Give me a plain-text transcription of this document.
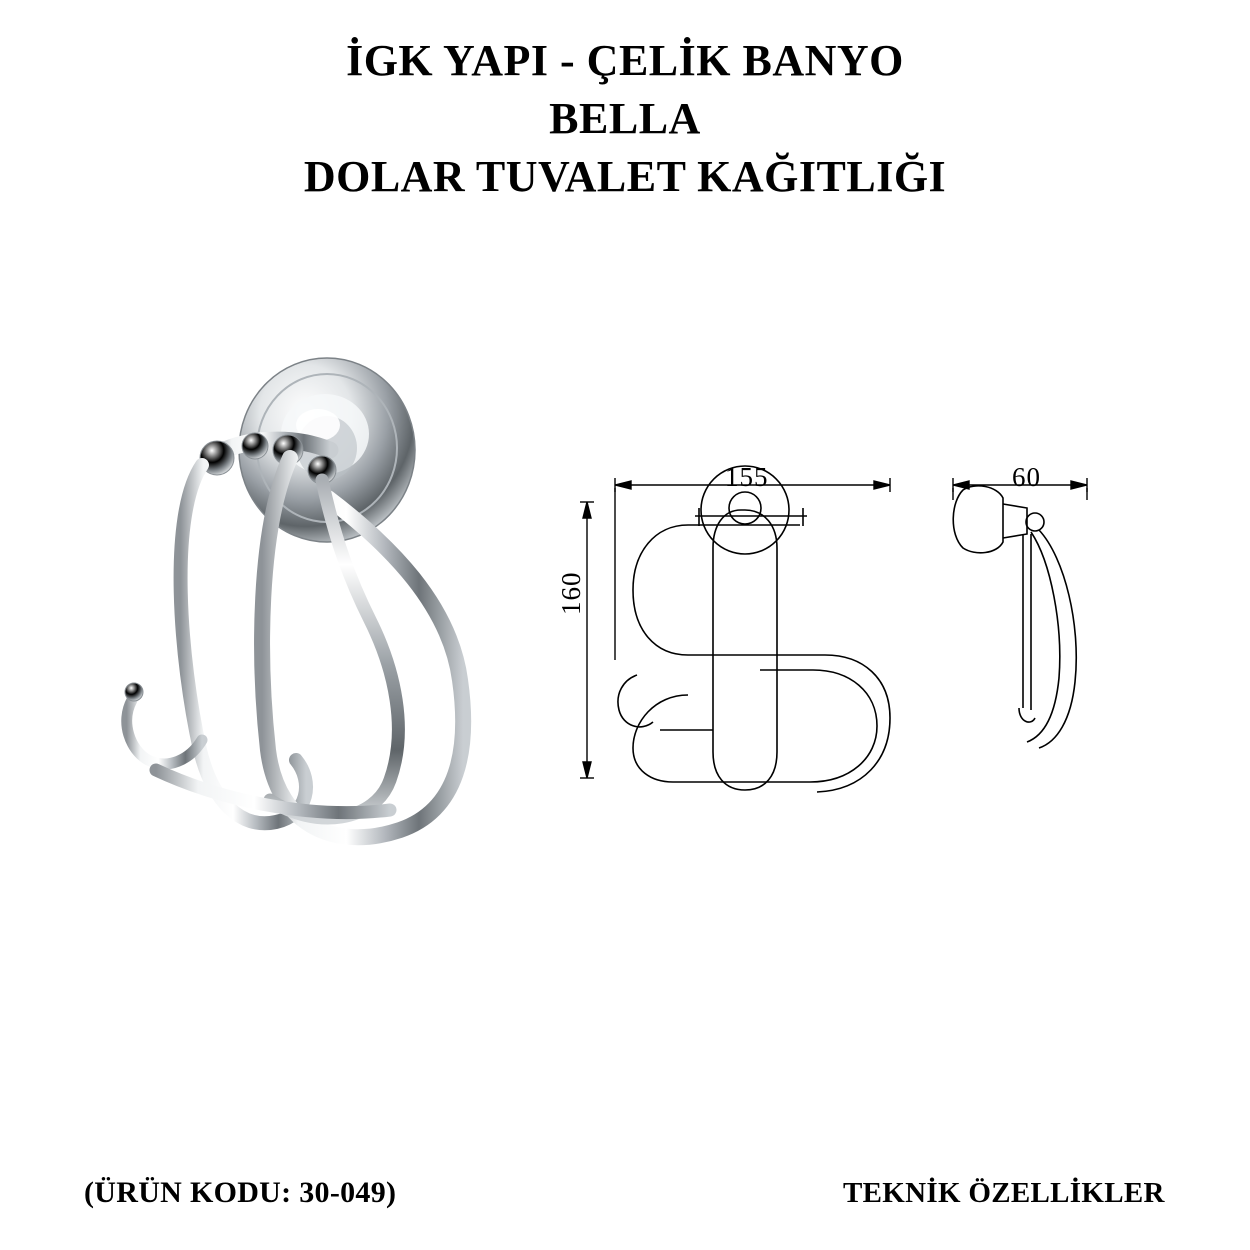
İGK YAPI - ÇELİK BANYO
BELLA
DOLAR TUVALET KAĞITLIĞI
155	60
160
(ÜRÜN KODU: 30-049)	TEKNİK ÖZELLİKLER
